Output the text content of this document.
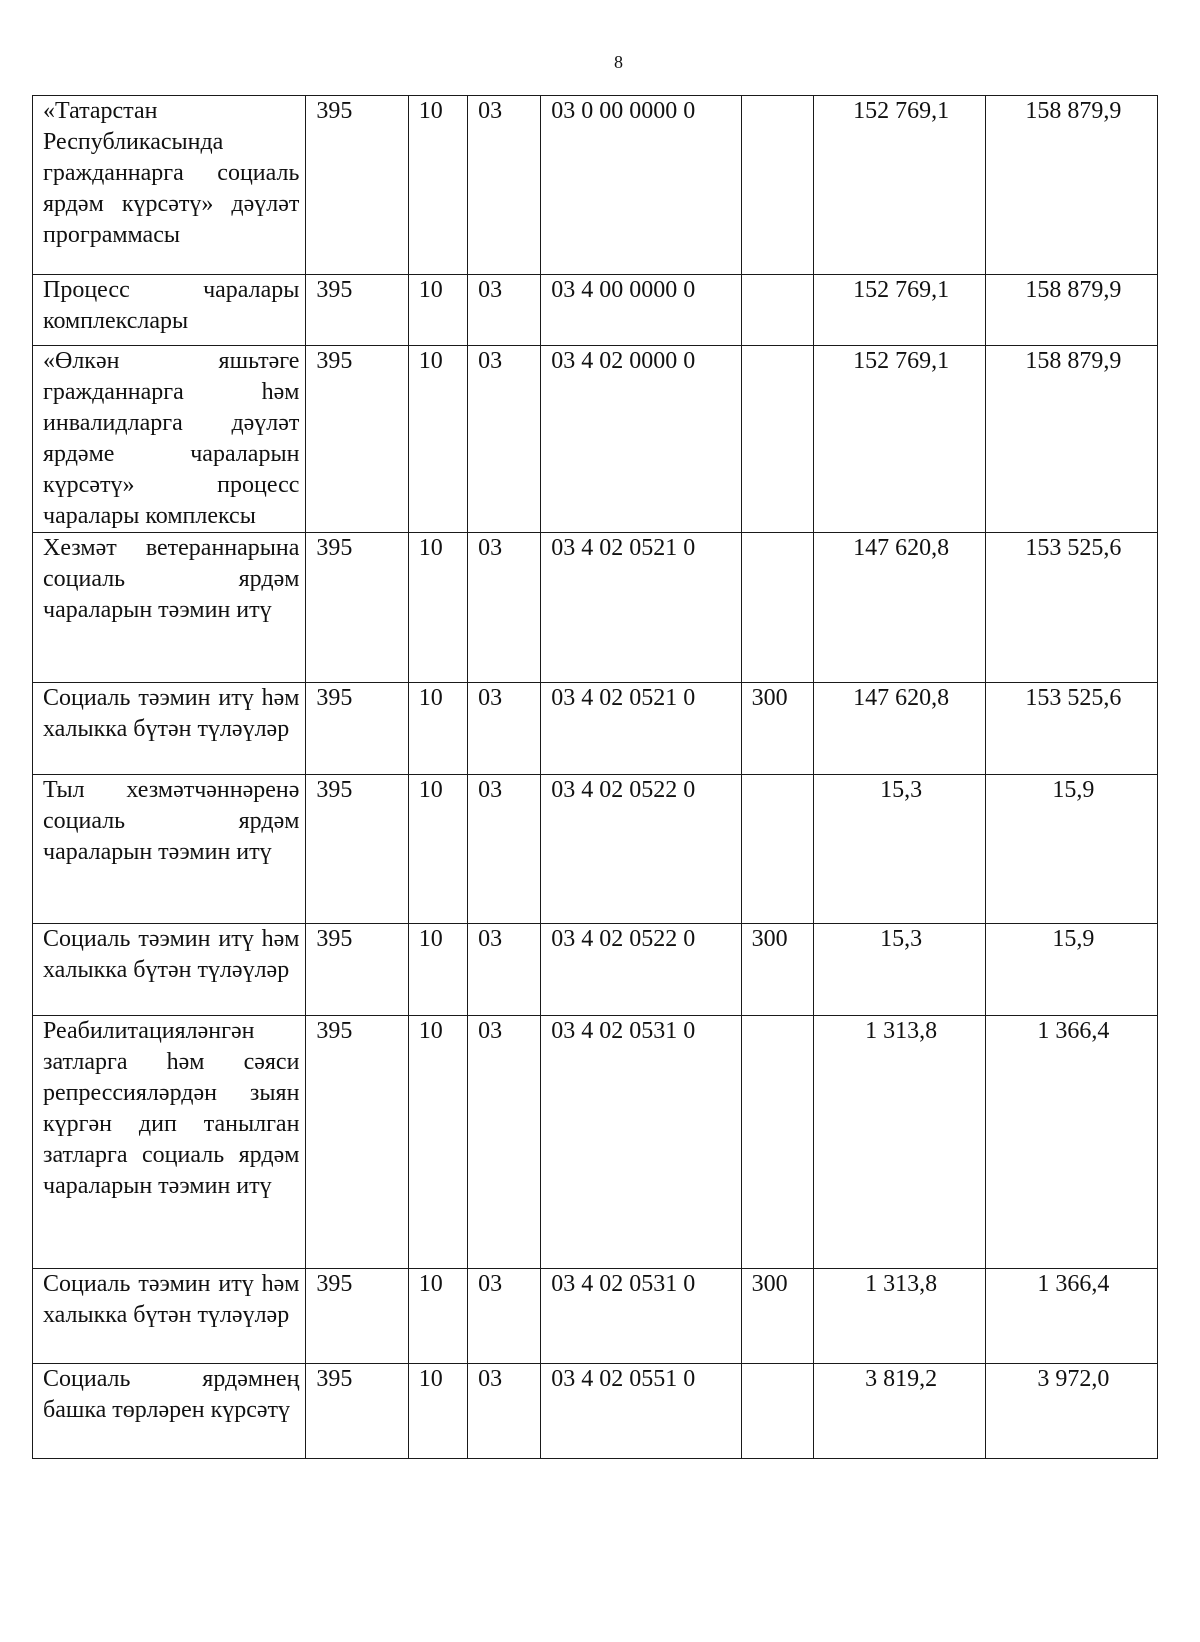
8
«Татарстан Республикасында гражданнарга социаль ярдәм күрсәтү» дәүләт программасы	395	10	03	03 0 00 0000 0		152 769,1	158 879,9
Процесс чаралары комплекслары	395	10	03	03 4 00 0000 0		152 769,1	158 879,9
«Өлкән яшьтәге гражданнарга һәм инвалидларга дәүләт ярдәме чараларын күрсәтү» процесс чаралары комплексы	395	10	03	03 4 02 0000 0		152 769,1	158 879,9
Хезмәт ветераннарына социаль ярдәм чараларын тәэмин итү	395	10	03	03 4 02 0521 0		147 620,8	153 525,6
Социаль тәэмин итү һәм халыкка бүтән түләүләр	395	10	03	03 4 02 0521 0	300	147 620,8	153 525,6
Тыл хезмәтчәннәренә социаль ярдәм чараларын тәэмин итү	395	10	03	03 4 02 0522 0		15,3	15,9
Социаль тәэмин итү һәм халыкка бүтән түләүләр	395	10	03	03 4 02 0522 0	300	15,3	15,9
Реабилитацияләнгән затларга һәм сәяси репрессияләрдән зыян күргән дип танылган затларга социаль ярдәм чараларын тәэмин итү	395	10	03	03 4 02 0531 0		1 313,8	1 366,4
Социаль тәэмин итү һәм халыкка бүтән түләүләр	395	10	03	03 4 02 0531 0	300	1 313,8	1 366,4
Социаль ярдәмнең башка төрләрен күрсәтү	395	10	03	03 4 02 0551 0		3 819,2	3 972,0
